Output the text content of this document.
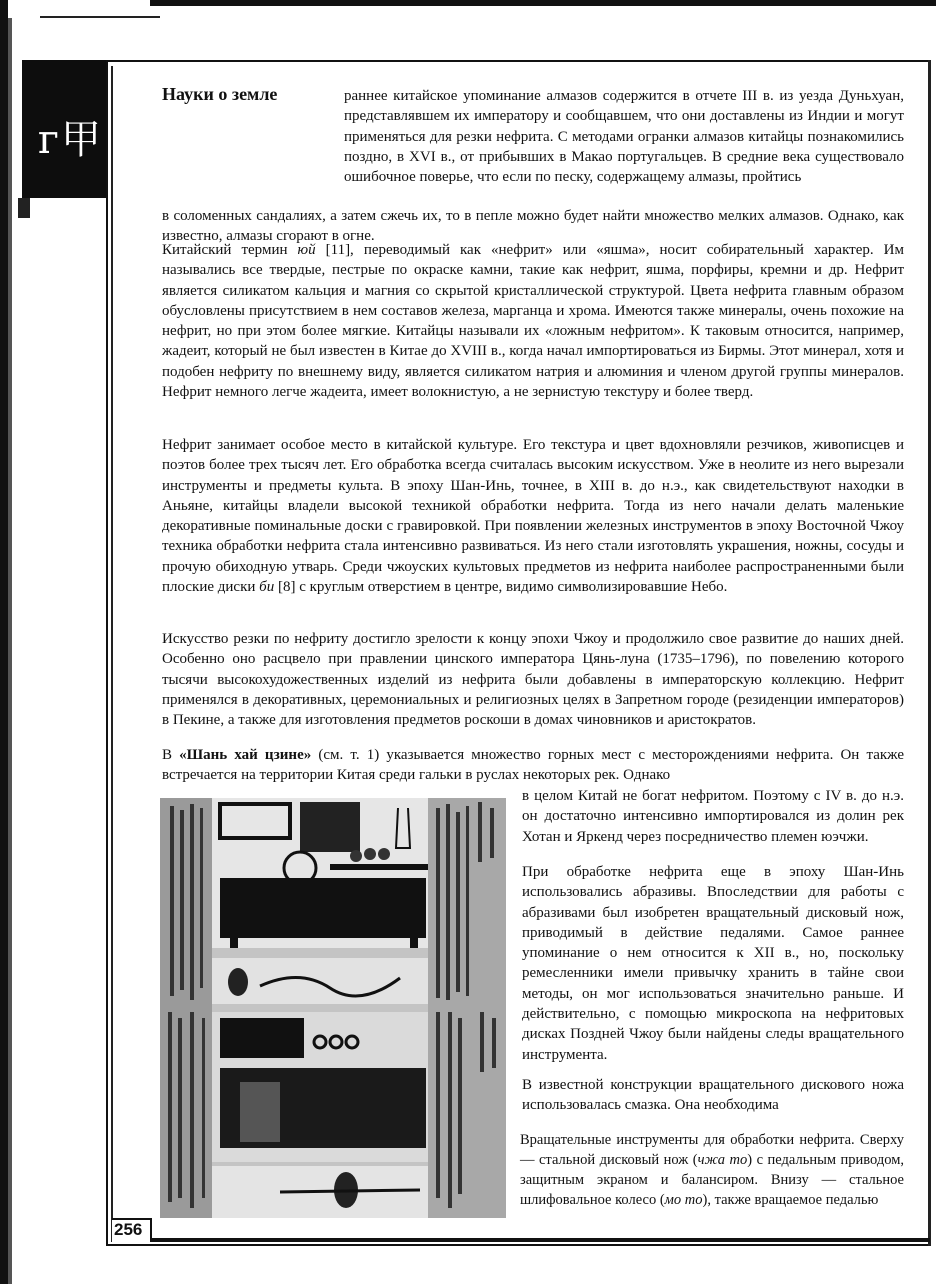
г甲
256
Науки о земле	раннее китайское упоминание алмазов содержится в отчете III в. из уезда Дуньхуан, представлявшем их императору и сообщавшем, что они доставлены из Индии и могут применяться для резки нефрита. С методами огранки алмазов китайцы познакомились поздно, в XVI в., от прибывших в Макао португальцев. В средние века существовало ошибочное поверье, что если по песку, содержащему алмазы, пройтись
в соломенных сандалиях, а затем сжечь их, то в пепле можно будет найти множество мелких алмазов. Однако, как известно, алмазы сгорают в огне.
Китайский термин юй [11], переводимый как «нефрит» или «яшма», носит собирательный характер. Им назывались все твердые, пестрые по окраске камни, такие как нефрит, яшма, порфиры, кремни и др. Нефрит является силикатом кальция и магния со скрытой кристаллической структурой. Цвета нефрита главным образом обусловлены присутствием в нем составов железа, марганца и хрома. Имеются также минералы, очень похожие на нефрит, но при этом более мягкие. Китайцы называли их «ложным нефритом». К таковым относится, например, жадеит, который не был известен в Китае до XVIII в., когда начал импортироваться из Бирмы. Этот минерал, хотя и подобен нефриту по внешнему виду, является силикатом натрия и алюминия и членом другой группы минералов. Нефрит немного легче жадеита, имеет волокнистую, а не зернистую текстуру и более тверд.
Нефрит занимает особое место в китайской культуре. Его текстура и цвет вдохновляли резчиков, живописцев и поэтов более трех тысяч лет. Его обработка всегда считалась высоким искусством. Уже в неолите из него вырезали инструменты и предметы культа. В эпоху Шан-Инь, точнее, в XIII в. до н.э., как свидетельствуют находки в Аньяне, китайцы владели высокой техникой обработки нефрита. Тогда из него начали делать маленькие декоративные поминальные доски с гравировкой. При появлении железных инструментов в эпоху Восточной Чжоу техника обработки нефрита стала интенсивно развиваться. Из него стали изготовлять украшения, ножны, сосуды и прочую обиходную утварь. Среди чжоуских культовых предметов из нефрита наиболее распространенными были плоские диски би [8] с круглым отверстием в центре, видимо символизировавшие Небо.
Искусство резки по нефриту достигло зрелости к концу эпохи Чжоу и продолжило свое развитие до наших дней. Особенно оно расцвело при правлении цинского императора Цянь-луна (1735–1796), по повелению которого тысячи высокохудожественных изделий из нефрита были добавлены в императорскую коллекцию. Нефрит применялся в декоративных, церемониальных и религиозных целях в Запретном городе (резиденции императоров) в Пекине, а также для изготовления предметов роскоши в домах чиновников и аристократов.
В «Шань хай цзине» (см. т. 1) указывается множество горных мест с месторождениями нефрита. Он также встречается на территории Китая среди гальки в руслах некоторых рек. Однако
в целом Китай не богат нефритом. Поэтому с IV в. до н.э. он достаточно интенсивно импортировался из долин рек Хотан и Яркенд через посредничество племен юэчжи.
При обработке нефрита еще в эпоху Шан-Инь использовались абразивы. Впоследствии для работы с абразивами был изобретен вращательный дисковый нож, приводимый в действие педалями. Самое раннее упоминание о нем относится к XII в., но, поскольку ремесленники имели привычку хранить в тайне свои методы, он мог использоваться значительно раньше. И действительно, с помощью микроскопа на нефритовых дисках Поздней Чжоу были найдены следы вращательного инструмента.
В известной конструкции вращательного дискового ножа использовалась смазка. Она необходима
Вращательные инструменты для обработки нефрита. Сверху — стальной дисковый нож (чжа то) с педальным приводом, защитным экраном и балансиром. Внизу — стальное шлифовальное колесо (мо то), также вращаемое педалью
